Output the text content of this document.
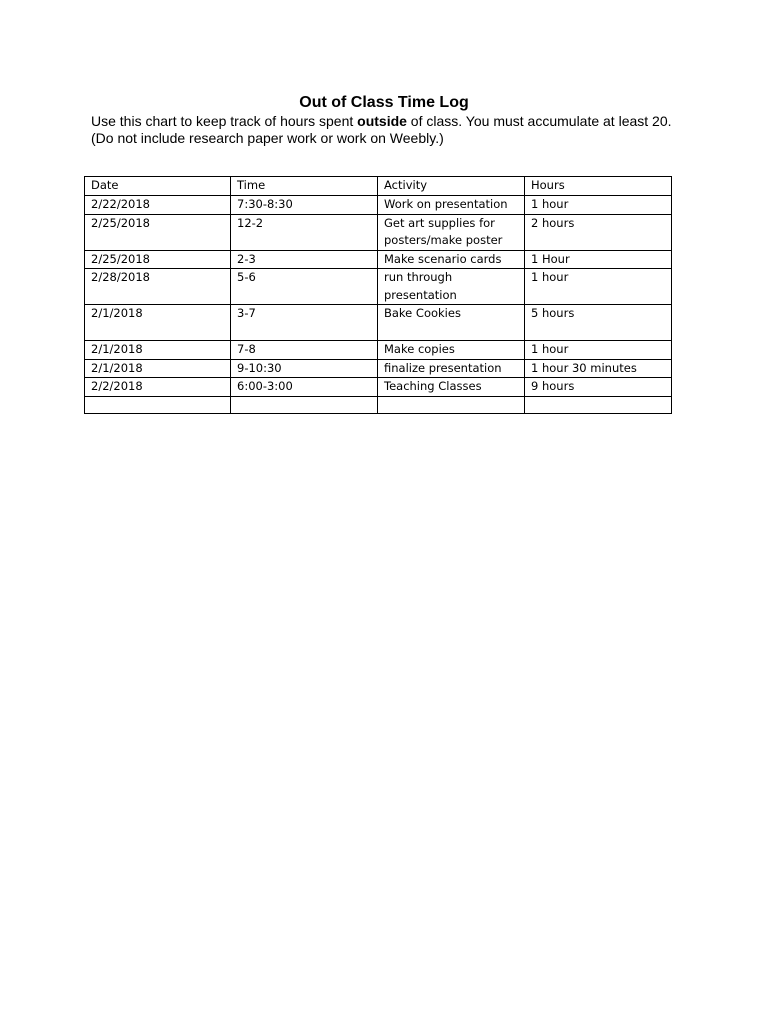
Out of Class Time Log

Use this chart to keep track of hours spent outside of class. You must accumulate at least 20.

(Do not include research paper work or work on Weebly.)

Date	Time	Activity	Hours
2/22/2018	7:30-8:30	Work on presentation	1 hour
2/25/2018	12-2	Get art supplies for posters/make poster	2 hours
2/25/2018	2-3	Make scenario cards	1 Hour
2/28/2018	5-6	run through presentation	1 hour
2/1/2018	3-7	Bake Cookies	5 hours
2/1/2018	7-8	Make copies	1 hour
2/1/2018	9-10:30	finalize presentation	1 hour 30 minutes
2/2/2018	6:00-3:00	Teaching Classes	9 hours
